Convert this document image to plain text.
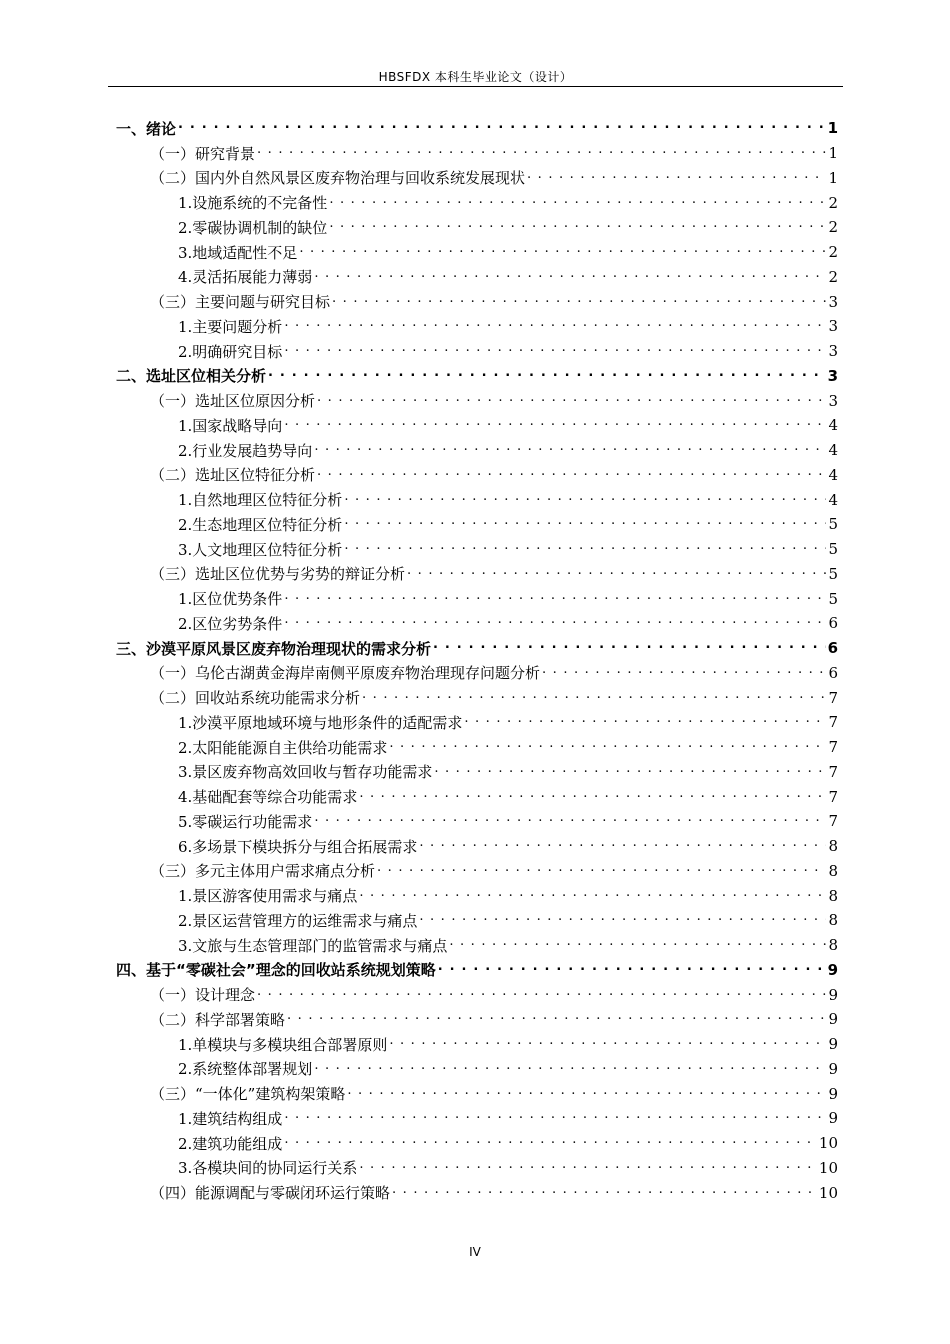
HBSFDX 本科生毕业论文（设计）
一、绪论 . . .	1
（一）研究背景 . . .	1
（二）国内外自然风景区废弃物治理与回收系统发展现状 . . .	1
1.设施系统的不完备性 . . .	2
2.零碳协调机制的缺位 . . .	2
3.地域适配性不足 . . .	2
4.灵活拓展能力薄弱 . . .	2
（三）主要问题与研究目标 . . .	3
1.主要问题分析 . . .	3
2.明确研究目标 . . .	3
二、选址区位相关分析 . . .	3
（一）选址区位原因分析 . . .	3
1.国家战略导向 . . .	4
2.行业发展趋势导向 . . .	4
（二）选址区位特征分析 . . .	4
1.自然地理区位特征分析 . . .	4
2.生态地理区位特征分析 . . .	5
3.人文地理区位特征分析 . . .	5
（三）选址区位优势与劣势的辩证分析 . . .	5
1.区位优势条件 . . .	5
2.区位劣势条件 . . .	6
三、沙漠平原风景区废弃物治理现状的需求分析 . . .	6
（一）乌伦古湖黄金海岸南侧平原废弃物治理现存问题分析 . . .	6
（二）回收站系统功能需求分析 . . .	7
1.沙漠平原地域环境与地形条件的适配需求 . . .	7
2.太阳能能源自主供给功能需求 . . .	7
3.景区废弃物高效回收与暂存功能需求 . . .	7
4.基础配套等综合功能需求 . . .	7
5.零碳运行功能需求 . . .	7
6.多场景下模块拆分与组合拓展需求 . . .	8
（三）多元主体用户需求痛点分析 . . .	8
1.景区游客使用需求与痛点 . . .	8
2.景区运营管理方的运维需求与痛点 . . .	8
3.文旅与生态管理部门的监管需求与痛点 . . .	8
四、基于“零碳社会”理念的回收站系统规划策略 . . .	9
（一）设计理念 . . .	9
（二）科学部署策略 . . .	9
1.单模块与多模块组合部署原则 . . .	9
2.系统整体部署规划 . . .	9
（三）“一体化”建筑构架策略 . . .	9
1.建筑结构组成 . . .	9
2.建筑功能组成 . . .	10
3.各模块间的协同运行关系 . . .	10
（四）能源调配与零碳闭环运行策略 . . .	10
IV
